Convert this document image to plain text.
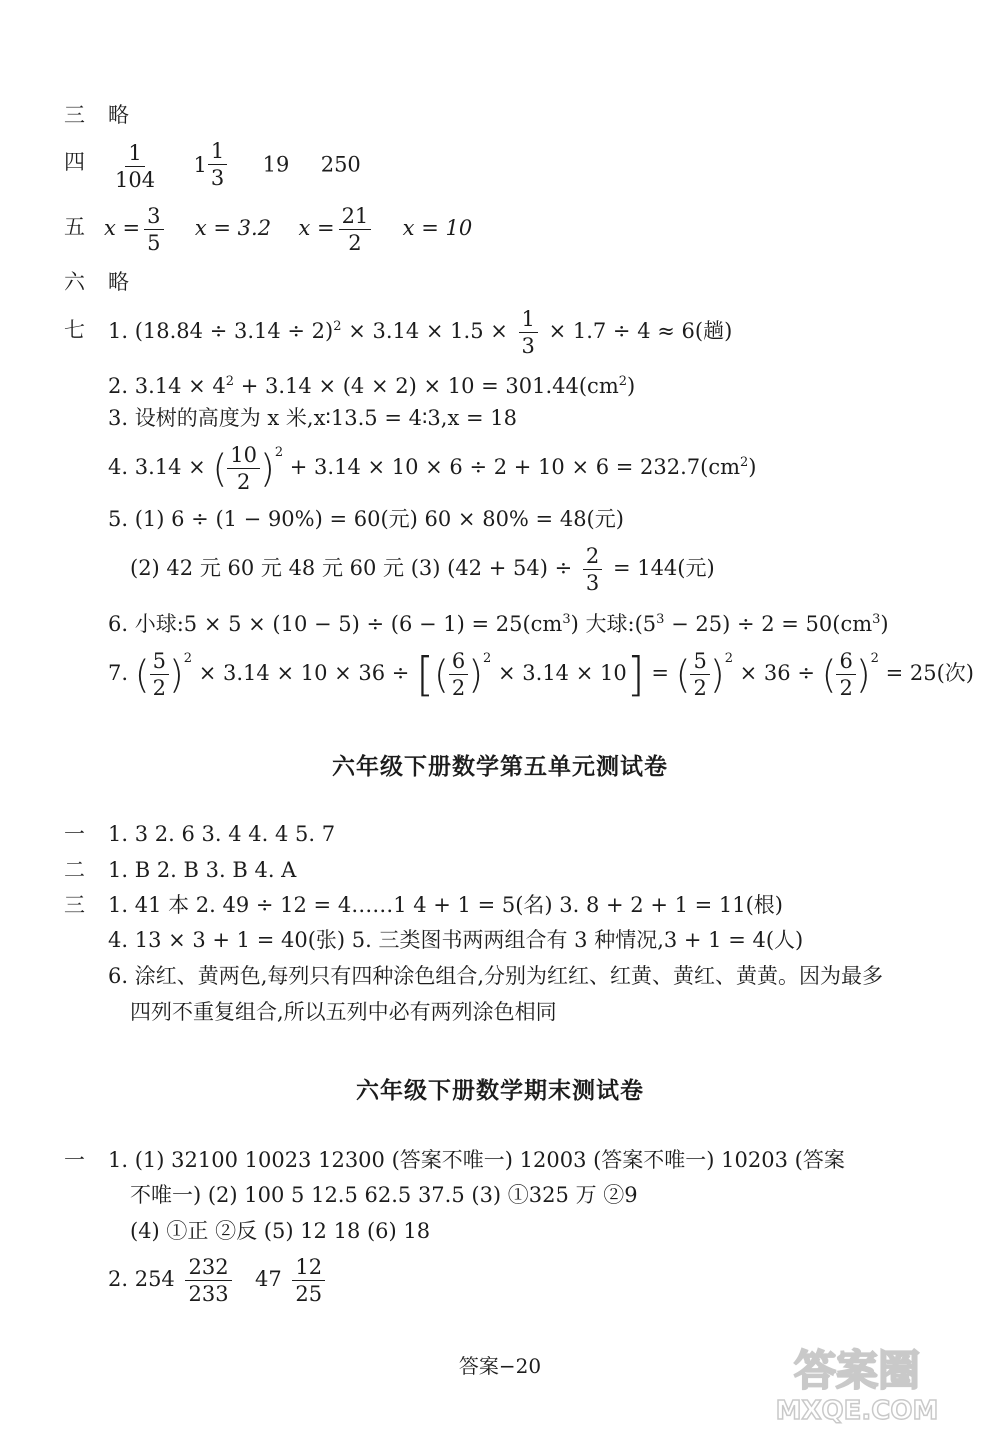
三 略
四 $\frac{1}{104}$
$1 \frac{1}{3} 19$ 250
五 $x = \frac{3}{5}$ x = 3.2 $x = \frac{21}{2}$ x = 10
六 略
七 1. $(18.84 \div 3.14 \div 2)^2 \times 3.14 \times 1.5 \times \frac{1}{3} \times 1.7 \div 4 \approx 6$(趟)
2. $3.14 \times 4^2 + 3.14 \times (4 \times 2) \times 10 = 301.44(cm^2)$
3. 设树的高度为 x 米,x∶13.5 = 4∶3,x = 18
4. 3.14 × ( $\frac{10}{2} )^2 + 3.14 \times 10 \times 6 \div 2 + 10 \times 6 = 232.7(cm^2)$
5. (1) 6 ÷ (1 − 90%) = 60(元) 60 × 80% = 48(元)
(2) 42 元 60 元 48 元 60 元 (3) $(42 + 54) \div \frac{2}{3} = 144$(元)
6. 小球:5 × $5 \times (10 - 5) \div (6 - 1) = 25(cm^3)$ 大球$:(5^3 - 25) \div 2 = 50(cm^3)$
7. ( $\frac{5}{2} )^2 \times 3.14 \times 10 \times 36$ ÷ [( $\frac{6}{2} )^2 \times 3.14 \times 10$] = ( $\frac{5}{2} )^2 \times 36$ ÷ ( $\frac{6}{2} )^2 = 25$(次)
六年级下册数学第五单元测试卷
一 1. 3 2. 6 3. 4 4. 4 5. 7
二 1. B 2. B 3. B 4. A
三 1. 41 本 2. 49 ÷ 12 = 4……1 4 + 1 = 5(名) 3. 8 + 2 + 1 = 11(根)
4. 13 × 3 + 1 = 40(张) 5. 三类图书两两组合有 3 种情况,3 + 1 = 4(人)
6. 涂红、黄两色,每列只有四种涂色组合,分别为红红、红黄、黄红、黄黄。因为最多
四列不重复组合,所以五列中必有两列涂色相同
六年级下册数学期末测试卷
一 1. (1) 32100 10023 12300 (答案不唯一) 12003 (答案不唯一) 10203 (答案
不唯一) (2) 100 5 12.5 62.5 37.5 (3) ①325 万 ②9
(4) ①正 ②反 (5) 12 18 (6) 18
2. $254 \frac{232}{233} 47 \frac{12}{25}$
答案−20	答案圈
MXQE.COM
